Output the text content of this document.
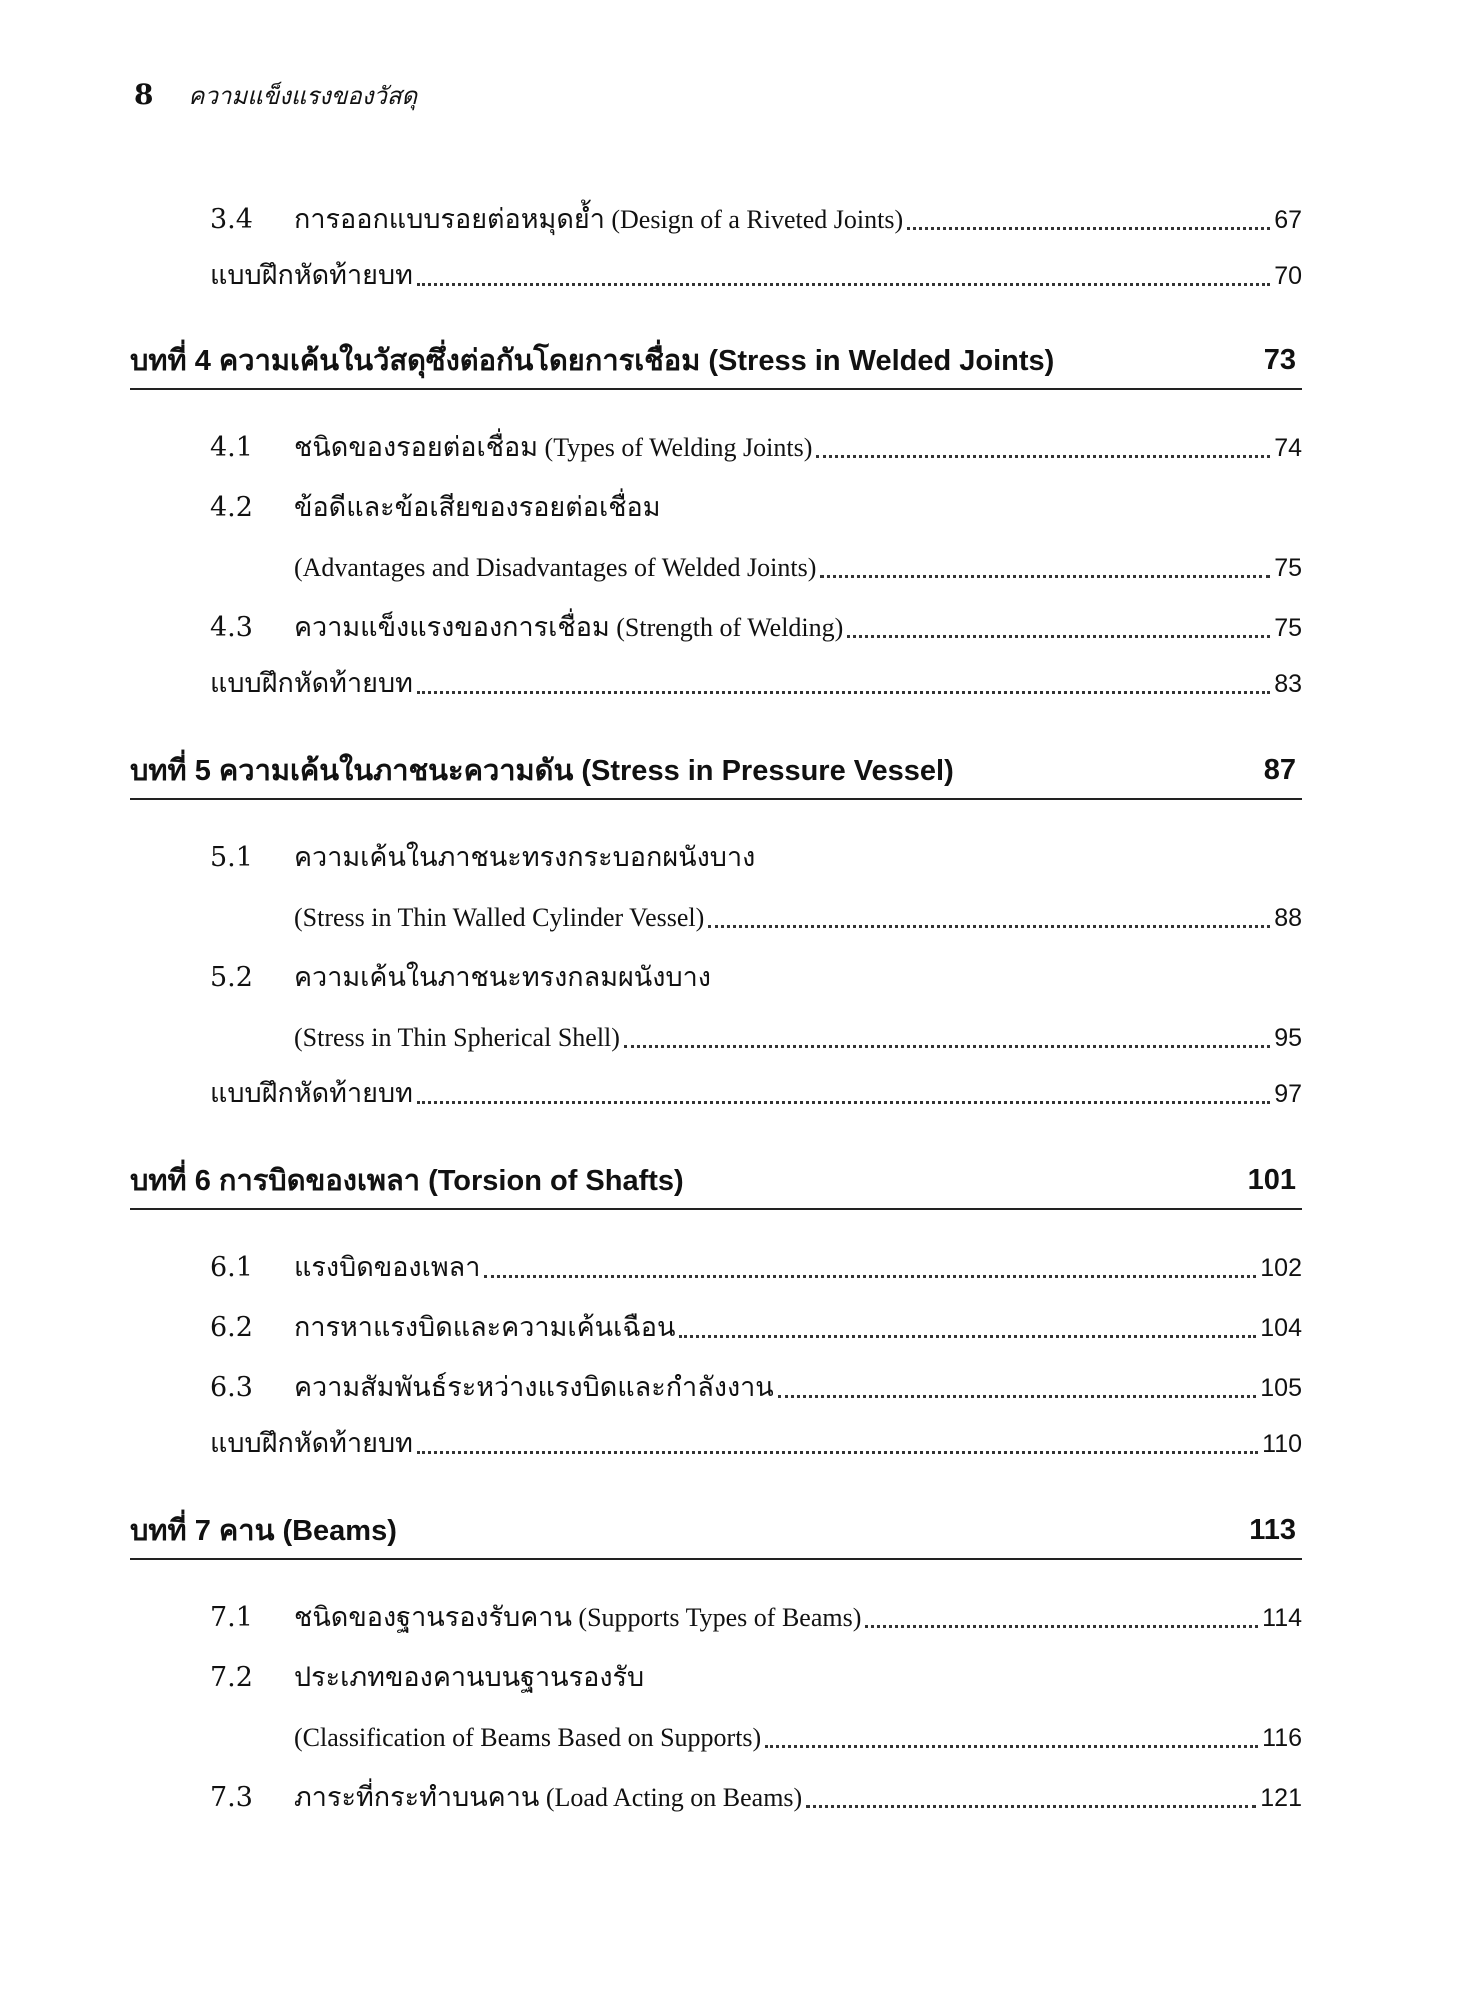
8 ความแข็งแรงของวัสดุ
3.4	การออกแบบรอยต่อหมุดย้ำ (Design of a Riveted Joints)	67
แบบฝึกหัดท้ายบท	70
บทที่ 4 ความเค้นในวัสดุซึ่งต่อกันโดยการเชื่อม (Stress in Welded Joints)	73
4.1	ชนิดของรอยต่อเชื่อม (Types of Welding Joints)	74
4.2	ข้อดีและข้อเสียของรอยต่อเชื่อม
(Advantages and Disadvantages of Welded Joints)	75
4.3	ความแข็งแรงของการเชื่อม (Strength of Welding)	75
แบบฝึกหัดท้ายบท	83
บทที่ 5 ความเค้นในภาชนะความดัน (Stress in Pressure Vessel)	87
5.1	ความเค้นในภาชนะทรงกระบอกผนังบาง
(Stress in Thin Walled Cylinder Vessel)	88
5.2	ความเค้นในภาชนะทรงกลมผนังบาง
(Stress in Thin Spherical Shell)	95
แบบฝึกหัดท้ายบท	97
บทที่ 6 การบิดของเพลา (Torsion of Shafts)	101
6.1	แรงบิดของเพลา	102
6.2	การหาแรงบิดและความเค้นเฉือน	104
6.3	ความสัมพันธ์ระหว่างแรงบิดและกำลังงาน	105
แบบฝึกหัดท้ายบท	110
บทที่ 7 คาน (Beams)	113
7.1	ชนิดของฐานรองรับคาน (Supports Types of Beams)	114
7.2	ประเภทของคานบนฐานรองรับ
(Classification of Beams Based on Supports)	116
7.3	ภาระที่กระทำบนคาน (Load Acting on Beams)	121
